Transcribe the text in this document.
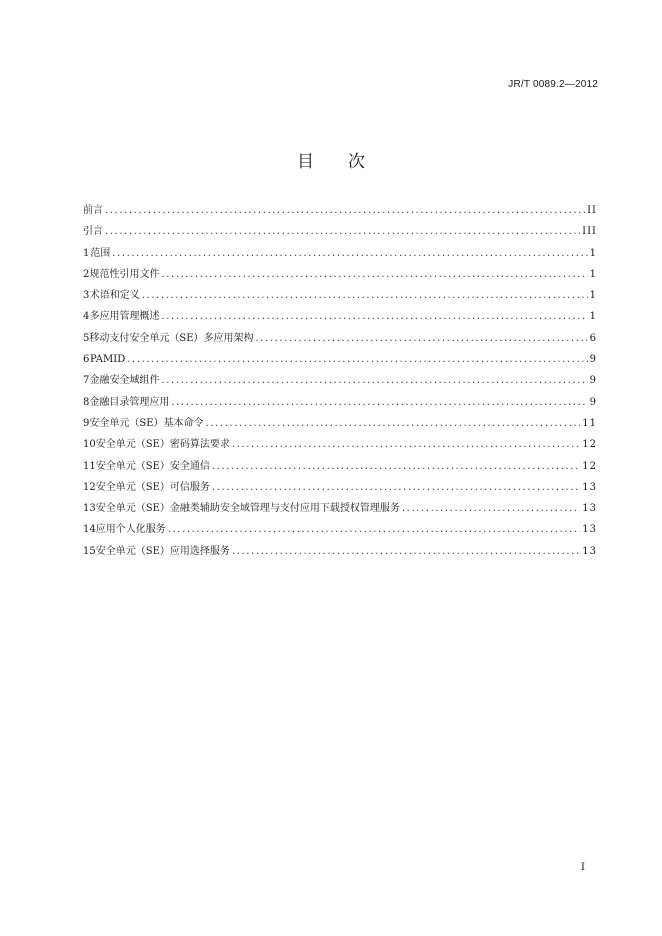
JR/T 0089.2—2012
目 次
前言 .....	II
引言 .....	III
1 范围 .....	1
2 规范性引用文件 .....	1
3 术语和定义 .....	1
4 多应用管理概述 .....	1
5 移动支付安全单元（SE）多应用架构 .....	6
6 PAMID .....	9
7 金融安全域组件 .....	9
8 金融目录管理应用 .....	9
9 安全单元（SE）基本命令 .....	11
10 安全单元（SE）密码算法要求 .....	12
11 安全单元（SE）安全通信 .....	12
12 安全单元（SE）可信服务 .....	13
13 安全单元（SE）金融类辅助安全域管理与支付应用下载授权管理服务 .....	13
14 应用个人化服务 .....	13
15 安全单元（SE）应用选择服务 .....	13
I
